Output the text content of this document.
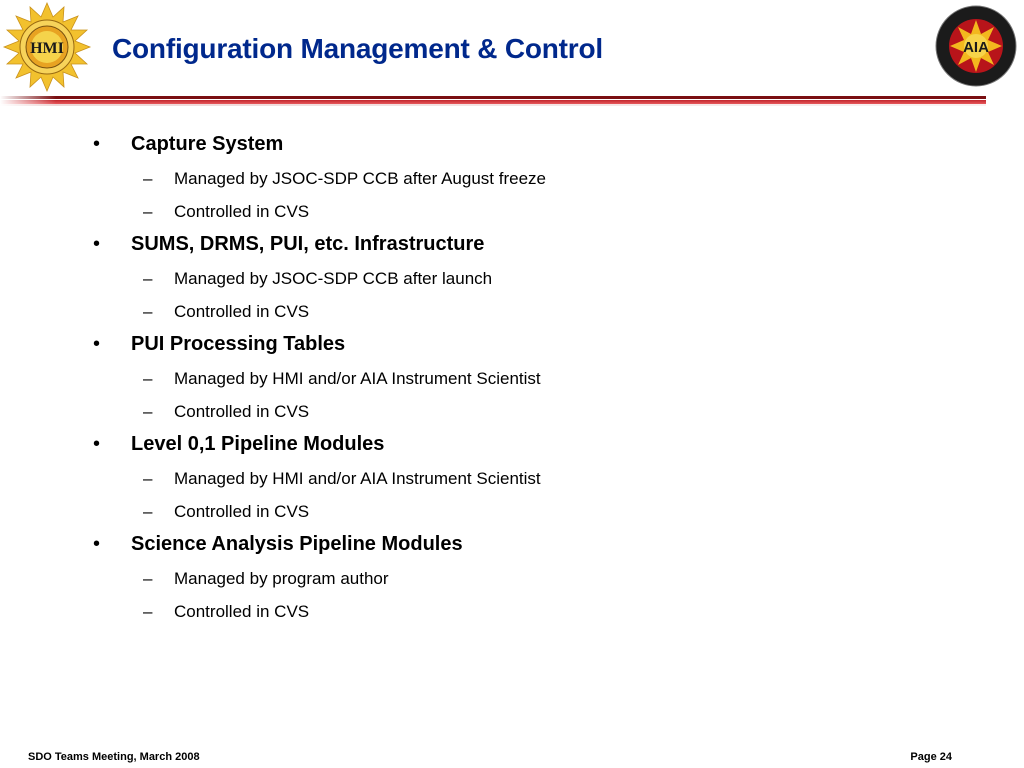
HMI Configuration Management & Control	AIA
• Capture System
– Managed by JSOC-SDP CCB after August freeze
– Controlled in CVS
• SUMS, DRMS, PUI, etc. Infrastructure
– Managed by JSOC-SDP CCB after launch
– Controlled in CVS
• PUI Processing Tables
– Managed by HMI and/or AIA Instrument Scientist
– Controlled in CVS
• Level 0,1 Pipeline Modules
– Managed by HMI and/or AIA Instrument Scientist
– Controlled in CVS
• Science Analysis Pipeline Modules
– Managed by program author
– Controlled in CVS
SDO Teams Meeting, March 2008	Page 24
